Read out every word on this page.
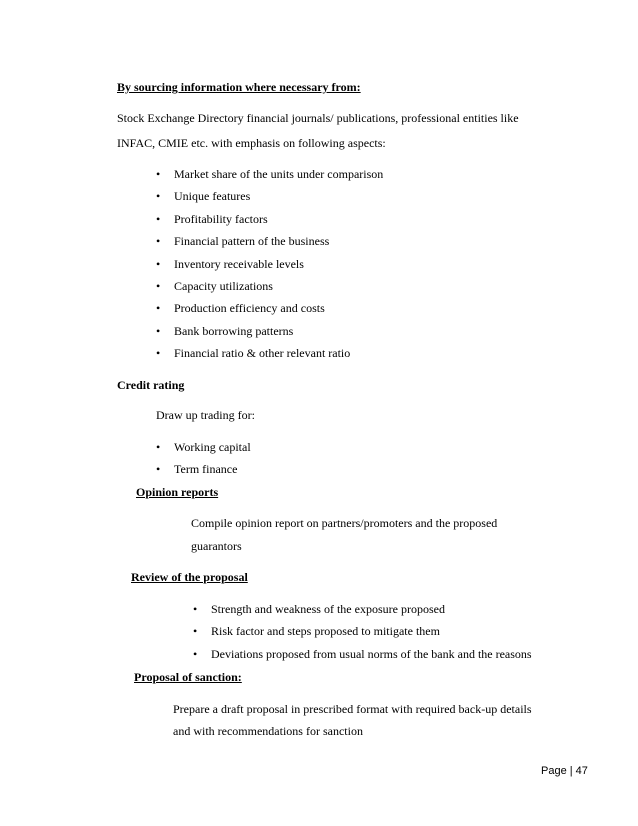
By sourcing information where necessary from:
Stock Exchange Directory financial journals/ publications, professional entities like
INFAC, CMIE etc. with emphasis on following aspects:
• Market share of the units under comparison
• Unique features
• Profitability factors
• Financial pattern of the business
• Inventory receivable levels
• Capacity utilizations
• Production efficiency and costs
• Bank borrowing patterns
• Financial ratio & other relevant ratio
Credit rating
Draw up trading for:
• Working capital
• Term finance
Opinion reports
Compile opinion report on partners/promoters and the proposed
guarantors
Review of the proposal
• Strength and weakness of the exposure proposed
• Risk factor and steps proposed to mitigate them
• Deviations proposed from usual norms of the bank and the reasons
Proposal of sanction:
Prepare a draft proposal in prescribed format with required back-up details
and with recommendations for sanction
Page | 47
